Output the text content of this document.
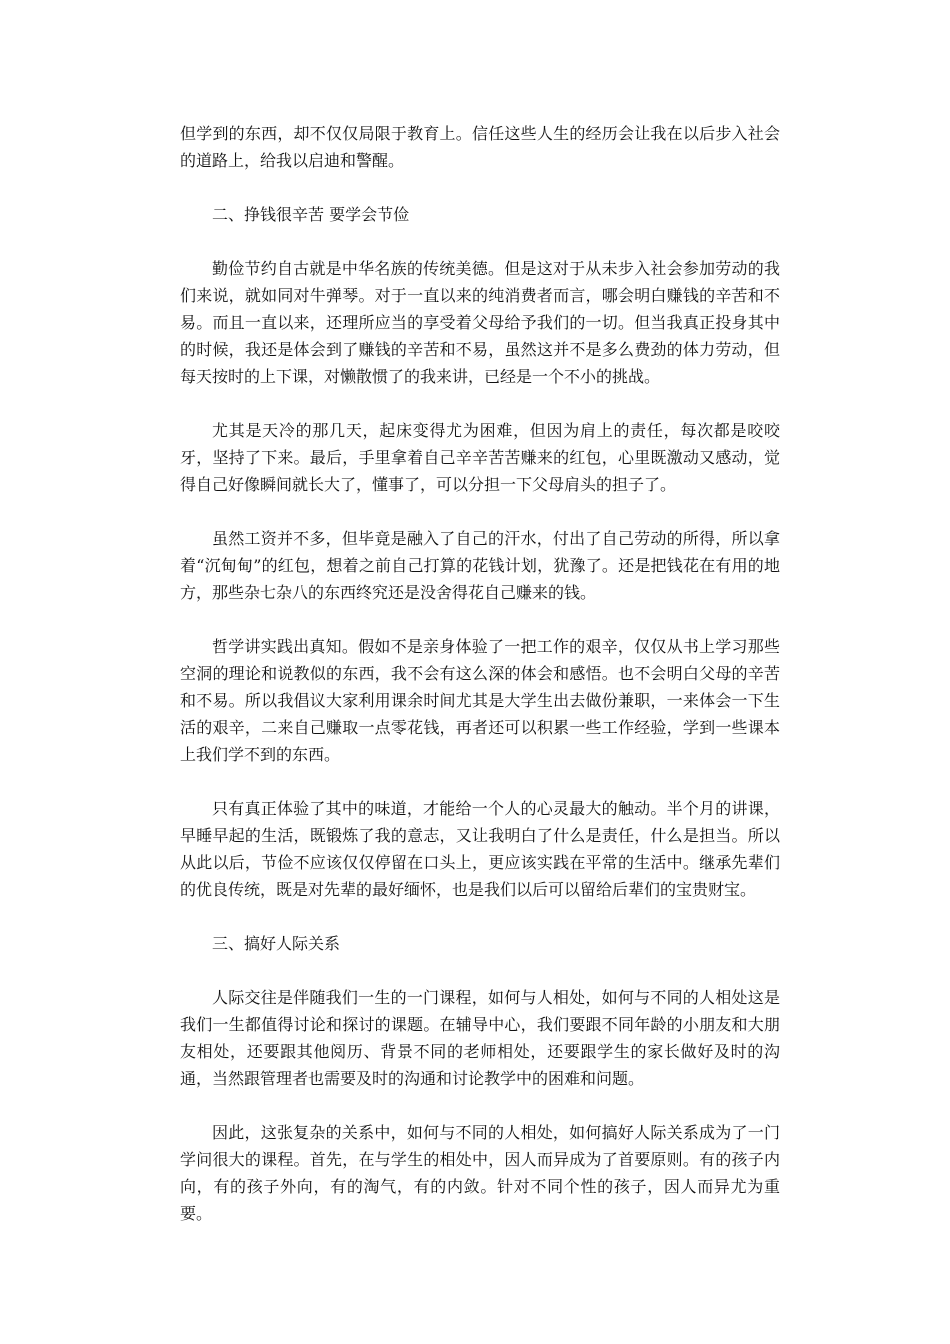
但学到的东西，却不仅仅局限于教育上。信任这些人生的经历会让我在以后步入社会的道路上，给我以启迪和警醒。

二、挣钱很辛苦 要学会节俭

勤俭节约自古就是中华名族的传统美德。但是这对于从未步入社会参加劳动的我们来说，就如同对牛弹琴。对于一直以来的纯消费者而言，哪会明白赚钱的辛苦和不易。而且一直以来，还理所应当的享受着父母给予我们的一切。但当我真正投身其中的时候，我还是体会到了赚钱的辛苦和不易，虽然这并不是多么费劲的体力劳动，但每天按时的上下课，对懒散惯了的我来讲，已经是一个不小的挑战。

尤其是天冷的那几天，起床变得尤为困难，但因为肩上的责任，每次都是咬咬牙，坚持了下来。最后，手里拿着自己辛辛苦苦赚来的红包，心里既激动又感动，觉得自己好像瞬间就长大了，懂事了，可以分担一下父母肩头的担子了。

虽然工资并不多，但毕竟是融入了自己的汗水，付出了自己劳动的所得，所以拿着“沉甸甸”的红包，想着之前自己打算的花钱计划，犹豫了。还是把钱花在有用的地方，那些杂七杂八的东西终究还是没舍得花自己赚来的钱。

哲学讲实践出真知。假如不是亲身体验了一把工作的艰辛，仅仅从书上学习那些空洞的理论和说教似的东西，我不会有这么深的体会和感悟。也不会明白父母的辛苦和不易。所以我倡议大家利用课余时间尤其是大学生出去做份兼职，一来体会一下生活的艰辛，二来自己赚取一点零花钱，再者还可以积累一些工作经验，学到一些课本上我们学不到的东西。

只有真正体验了其中的味道，才能给一个人的心灵最大的触动。半个月的讲课，早睡早起的生活，既锻炼了我的意志，又让我明白了什么是责任，什么是担当。所以从此以后，节俭不应该仅仅停留在口头上，更应该实践在平常的生活中。继承先辈们的优良传统，既是对先辈的最好缅怀，也是我们以后可以留给后辈们的宝贵财宝。

三、搞好人际关系

人际交往是伴随我们一生的一门课程，如何与人相处，如何与不同的人相处这是我们一生都值得讨论和探讨的课题。在辅导中心，我们要跟不同年龄的小朋友和大朋友相处，还要跟其他阅历、背景不同的老师相处，还要跟学生的家长做好及时的沟通，当然跟管理者也需要及时的沟通和讨论教学中的困难和问题。

因此，这张复杂的关系中，如何与不同的人相处，如何搞好人际关系成为了一门学问很大的课程。首先，在与学生的相处中，因人而异成为了首要原则。有的孩子内向，有的孩子外向，有的淘气，有的内敛。针对不同个性的孩子，因人而异尤为重要。
